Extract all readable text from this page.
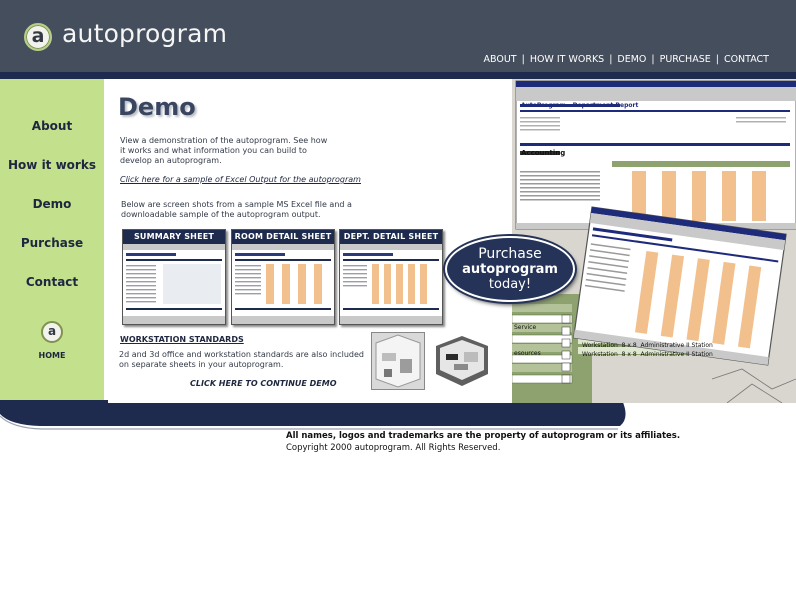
a autoprogram
ABOUT | HOW IT WORKS | DEMO | PURCHASE | CONTACT
About
How it works
Demo
Purchase
Contact
a
HOME
Demo
View a demonstration of the autoprogram. See how
it works and what information you can build to
develop an autoprogram.
Click here for a sample of Excel Output for the autoprogram
Below are screen shots from a sample MS Excel file and a
downloadable sample of the autoprogram output.
SUMMARY SHEET	ROOM DETAIL SHEET	DEPT. DETAIL SHEET
WORKSTATION STANDARDS
2d and 3d office and workstation standards are also included
on separate sheets in your autoprogram.
CLICK HERE TO CONTINUE DEMO
Workstation 8 x 8 Administrative II Station
Workstation 8 x 8 Administrative II Station
Service
esources
AutoProgram - Department Report
Accounting
Purchase
autoprogram
today!
All names, logos and trademarks are the property of autoprogram or its affiliates.
Copyright 2000 autoprogram. All Rights Reserved.
